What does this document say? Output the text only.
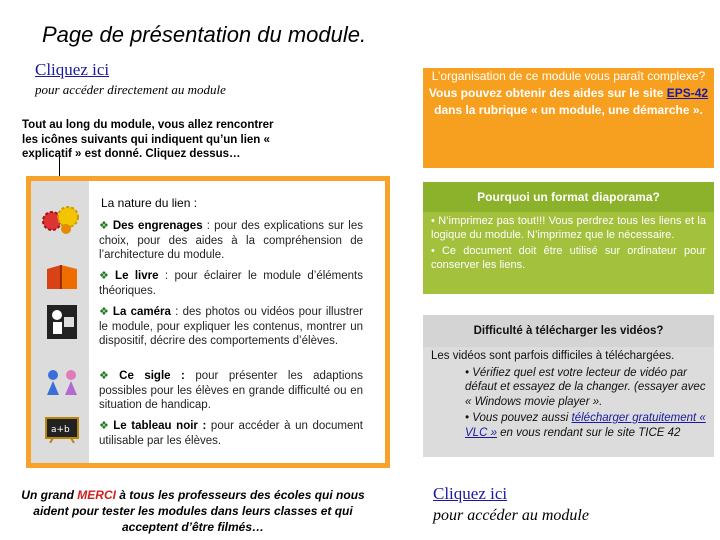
Page de présentation du module.
Cliquez ici
pour accéder directement au module
Tout au long du module, vous allez rencontrer les icônes suivants qui indiquent qu’un lien « explicatif » est donné. Cliquez dessus…
a+b
La nature du lien :
❖ Des engrenages : pour des explications sur les choix, pour des aides à la compréhension de l’architecture du module.
❖ Le livre : pour éclairer le module d’éléments théoriques.
❖ La caméra : des photos ou vidéos pour illustrer le module, pour expliquer les contenus, montrer un dispositif, décrire des comportements d’élèves.
❖ Ce sigle : pour présenter les adaptions possibles pour les élèves en grande difficulté ou en situation de handicap.
❖ Le tableau noir : pour accéder à un document utilisable par les élèves.
Un grand MERCI à tous les professeurs des écoles qui nous aident pour tester les modules dans leurs classes et qui acceptent d’être filmés…
L’organisation de ce module vous paraît complexe?
Vous pouvez obtenir des aides sur le site EPS-42 dans la rubrique « un module, une démarche ».
Pourquoi un format diaporama?

• N’imprimez pas tout!!! Vous perdrez tous les liens et la logique du module. N’imprimez que le nécessaire.

• Ce document doit être utilisé sur ordinateur pour conserver les liens.

Difficulté à télécharger les vidéos?

Les vidéos sont parfois difficiles à téléchargées.

• Vérifiez quel est votre lecteur de vidéo par défaut et essayez de la changer. (essayer avec « Windows movie player ».

• Vous pouvez aussi télécharger gratuitement « VLC » en vous rendant sur le site TICE 42

Cliquez ici
pour accéder au module
